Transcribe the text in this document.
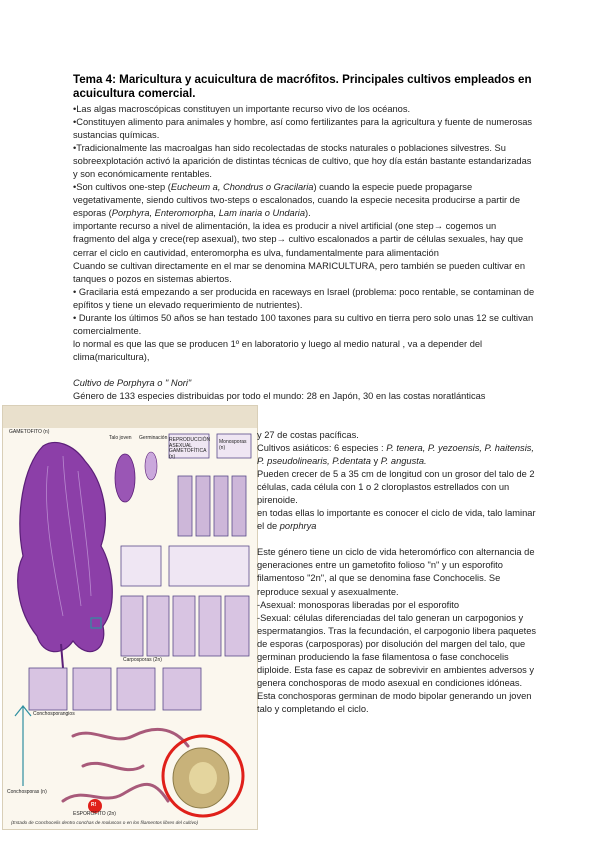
Tema 4: Maricultura y acuicultura de macrófitos. Principales cultivos empleados en acuicultura comercial.

•Las algas macroscópicas constituyen un importante recurso vivo de los océanos.

•Constituyen alimento para animales y hombre, así como fertilizantes para la agricultura y fuente de numerosas sustancias químicas.

•Tradicionalmente las macroalgas han sido recolectadas de stocks naturales o poblaciones silvestres. Su sobreexplotación activó la aparición de distintas técnicas de cultivo, que hoy día están bastante estandarizadas y son económicamente rentables.

•Son cultivos one-step (Eucheum a, Chondrus o Gracilaria) cuando la especie puede propagarse vegetativamente, siendo cultivos two-steps o escalonados, cuando la especie necesita producirse a partir de esporas (Porphyra, Enteromorpha, Lam inaria o Undaria).

importante recurso a nivel de alimentación, la idea es producir a nivel artificial (one step→ cogemos un fragmento del alga y crece(rep asexual), two step→ cultivo escalonados a partir de células sexuales, hay que cerrar el ciclo en cautividad, enteromorpha es ulva, fundamentalmente para alimentación

Cuando se cultivan directamente en el mar se denomina MARICULTURA, pero también se pueden cultivar en tanques o pozos en sistemas abiertos.

• Gracilaria está empezando a ser producida en raceways en Israel (problema: poco rentable, se contaminan de epífitos y tiene un elevado requerimiento de nutrientes).

• Durante los últimos 50 años se han testado 100 taxones para su cultivo en tierra pero solo unas 12 se cultivan comercialmente.

lo normal es que las que se producen 1º en laboratorio y luego al medio natural , va a depender del clima(maricultura),

Cultivo de Porphyra o " Nori"

Género de 133 especies distribuidas por todo el mundo: 28 en Japón, 30 en las costas noratlánticas

GAMETOFITO (n)
REPRODUCCIÓN ASEXUAL GAMETOFÍTICA (n)
Monosporas (n)
Talo joven Germinación
Carposporas (2n)
Conchosporangios
Conchosporas (n)
R!
ESPOROFITO (2n)
(Estado de Conchocelis dentro conchas de moluscos o en los filamentos libres del cultivo)

y 27 de costas pacíficas.

Cultivos asiáticos: 6 especies : P. tenera, P. yezoensis, P. haitensis, P. pseudolinearis, P.dentata y P. angusta.

Pueden crecer de 5 a 35 cm de longitud con un grosor del talo de 2 células, cada célula con 1 o 2 cloroplastos estrellados con un pirenoide.

en todas ellas lo importante es conocer el ciclo de vida, talo laminar el de porphrya

Este género tiene un ciclo de vida heteromórfico con alternancia de generaciones entre un gametofito folioso "n" y un esporofito filamentoso "2n", al que se denomina fase Conchocelis. Se reproduce sexual y asexualmente.

-Asexual: monosporas liberadas por el esporofito

-Sexual: células diferenciadas del talo generan un carpogonios y espermatangios. Tras la fecundación, el carpogonio libera paquetes de esporas (carposporas) por disolución del margen del talo, que germinan produciendo la fase filamentosa o fase conchocelis diploide. Esta fase es capaz de sobrevivir en ambientes adversos y genera conchosporas de modo asexual en condiciones idóneas. Esta conchosporas germinan de modo bipolar generando un joven talo y completando el ciclo.
